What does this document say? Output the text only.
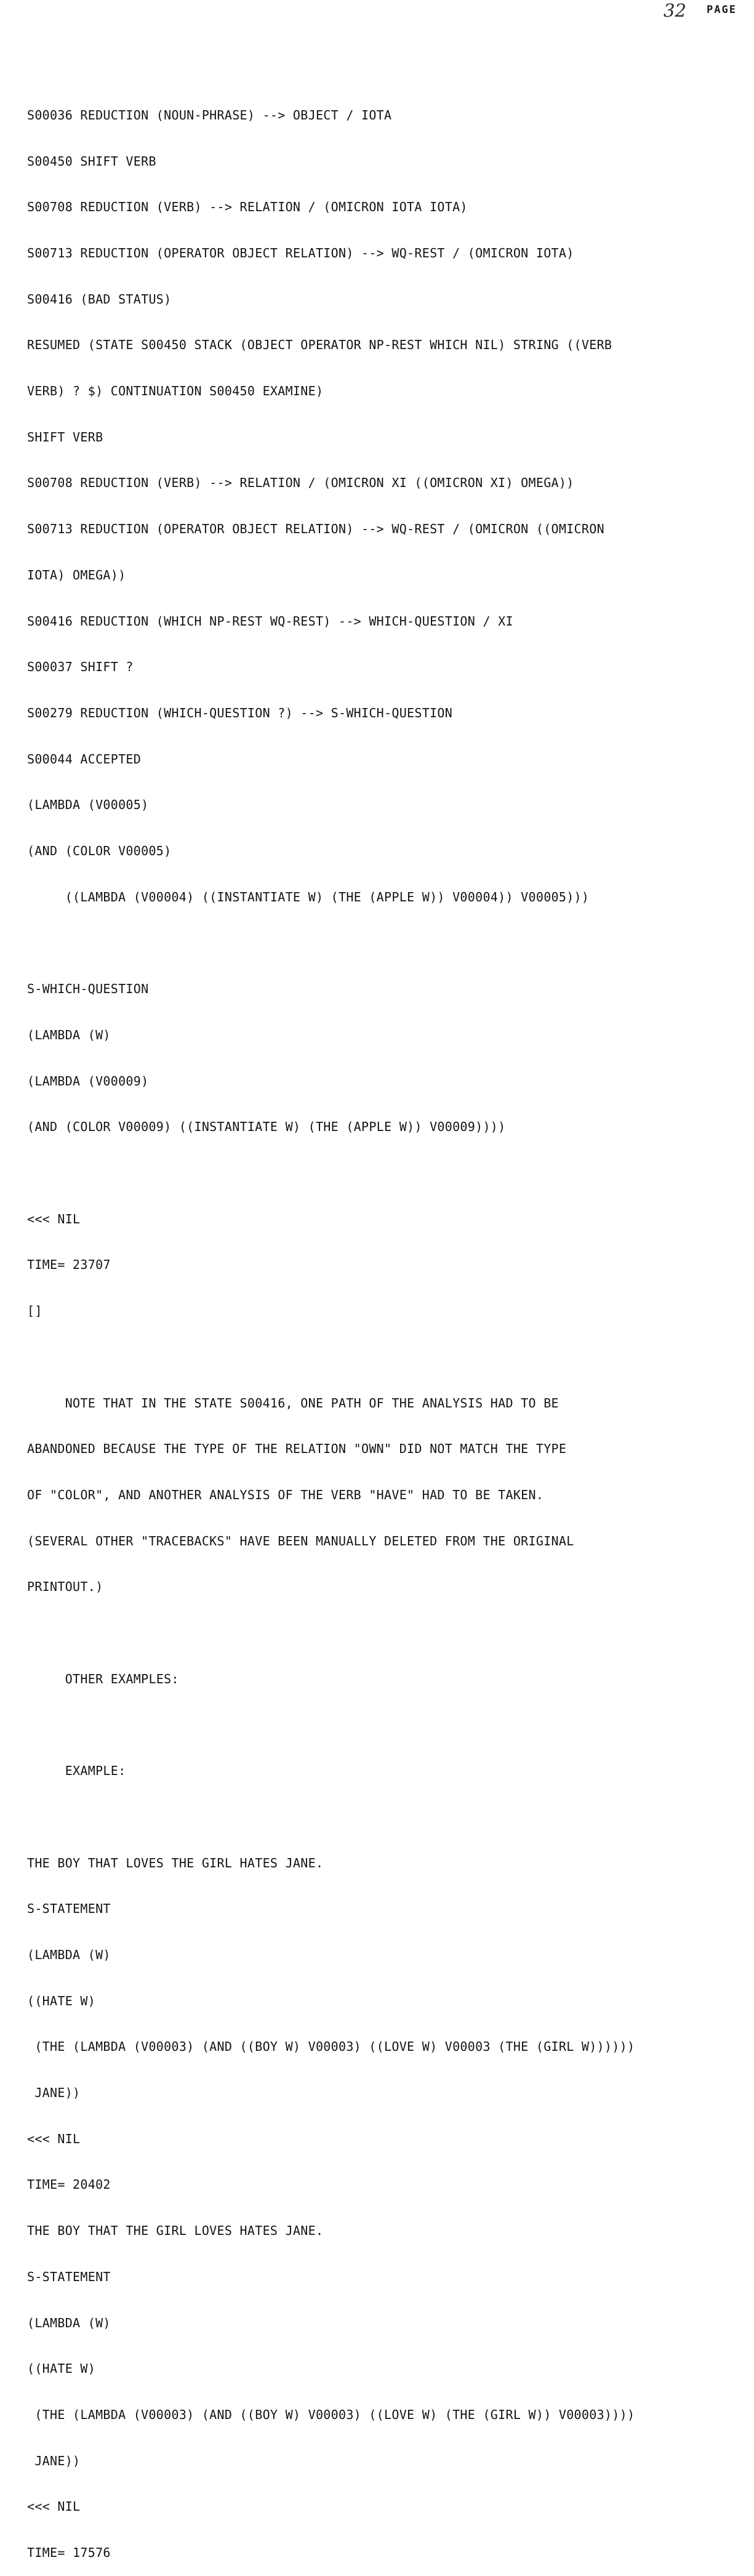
32 PAGE

S00036 REDUCTION (NOUN-PHRASE) --> OBJECT / IOTA

S00450 SHIFT VERB

S00708 REDUCTION (VERB) --> RELATION / (OMICRON IOTA IOTA)

S00713 REDUCTION (OPERATOR OBJECT RELATION) --> WQ-REST / (OMICRON IOTA)

S00416 (BAD STATUS)

RESUMED (STATE S00450 STACK (OBJECT OPERATOR NP-REST WHICH NIL) STRING ((VERB

VERB) ? $) CONTINUATION S00450 EXAMINE)

SHIFT VERB

S00708 REDUCTION (VERB) --> RELATION / (OMICRON XI ((OMICRON XI) OMEGA))

S00713 REDUCTION (OPERATOR OBJECT RELATION) --> WQ-REST / (OMICRON ((OMICRON

IOTA) OMEGA))

S00416 REDUCTION (WHICH NP-REST WQ-REST) --> WHICH-QUESTION / XI

S00037 SHIFT ?

S00279 REDUCTION (WHICH-QUESTION ?) --> S-WHICH-QUESTION

S00044 ACCEPTED

(LAMBDA (V00005)

(AND (COLOR V00005)

((LAMBDA (V00004) ((INSTANTIATE W) (THE (APPLE W)) V00004)) V00005)))

S-WHICH-QUESTION

(LAMBDA (W)

(LAMBDA (V00009)

(AND (COLOR V00009) ((INSTANTIATE W) (THE (APPLE W)) V00009))))

<<< NIL

TIME= 23707

[]

NOTE THAT IN THE STATE S00416, ONE PATH OF THE ANALYSIS HAD TO BE

ABANDONED BECAUSE THE TYPE OF THE RELATION "OWN" DID NOT MATCH THE TYPE

OF "COLOR", AND ANOTHER ANALYSIS OF THE VERB "HAVE" HAD TO BE TAKEN.

(SEVERAL OTHER "TRACEBACKS" HAVE BEEN MANUALLY DELETED FROM THE ORIGINAL

PRINTOUT.)

OTHER EXAMPLES:

EXAMPLE:

THE BOY THAT LOVES THE GIRL HATES JANE.

S-STATEMENT

(LAMBDA (W)

((HATE W)

(THE (LAMBDA (V00003) (AND ((BOY W) V00003) ((LOVE W) V00003 (THE (GIRL W))))))

JANE))

<<< NIL

TIME= 20402

THE BOY THAT THE GIRL LOVES HATES JANE.

S-STATEMENT

(LAMBDA (W)

((HATE W)

(THE (LAMBDA (V00003) (AND ((BOY W) V00003) ((LOVE W) (THE (GIRL W)) V00003))))

JANE))

<<< NIL

TIME= 17576
